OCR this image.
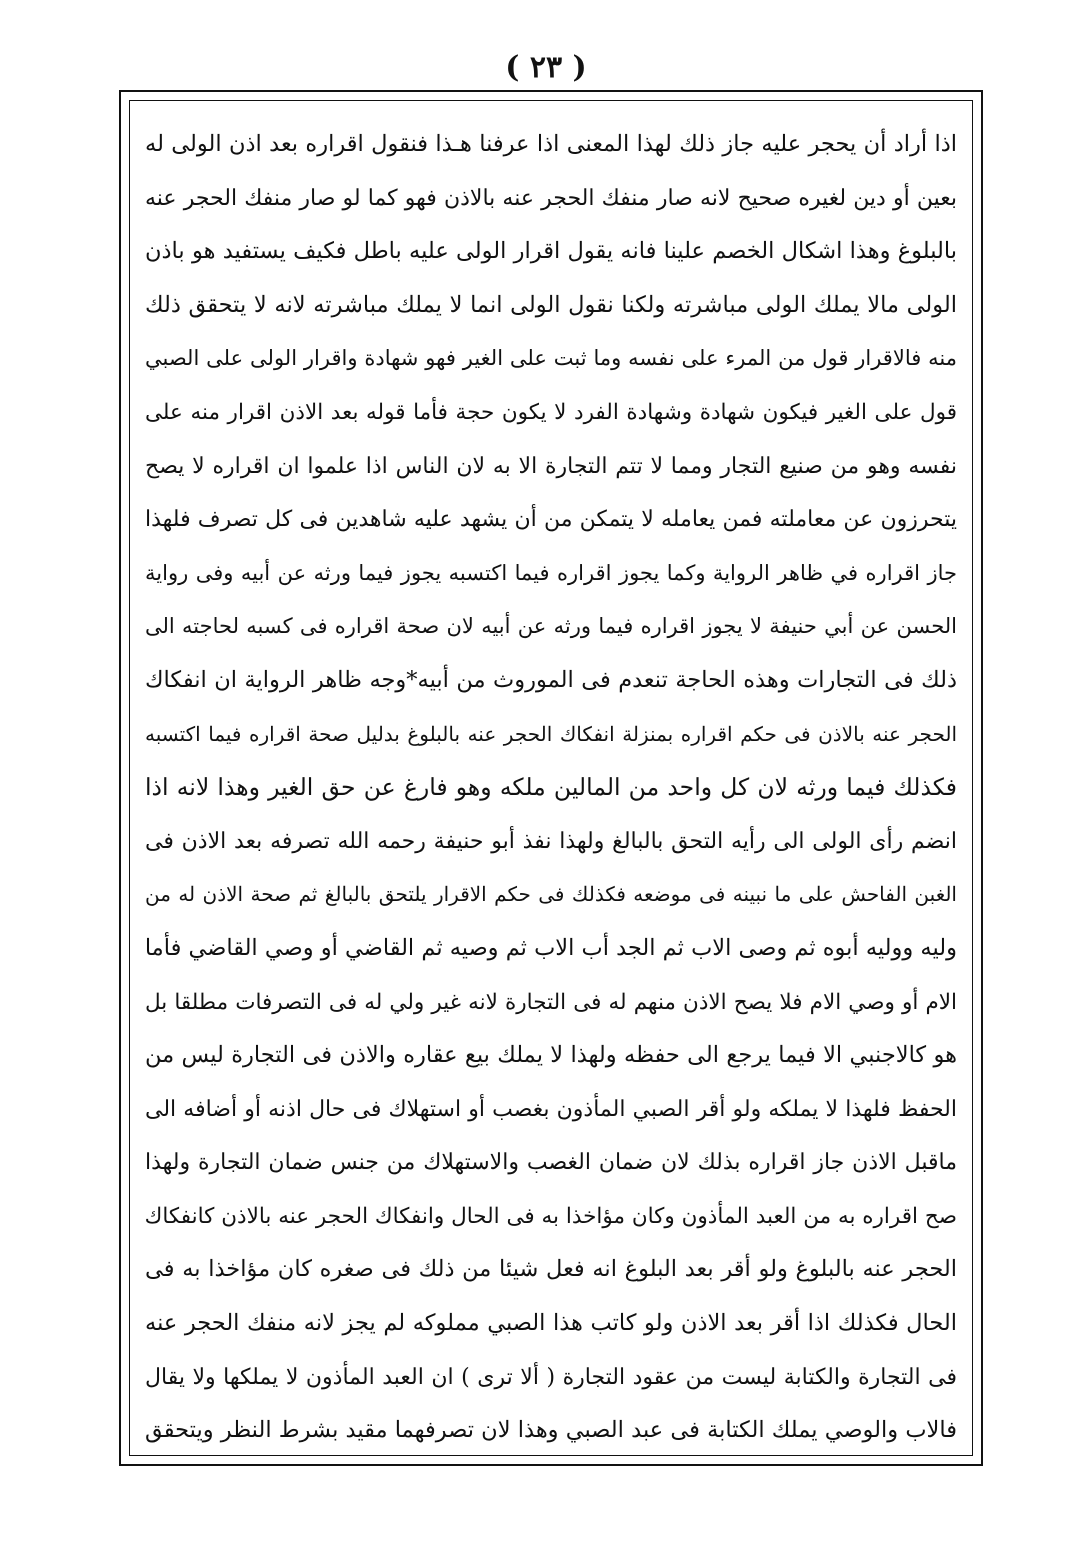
( ٢٣ )
اذا أراد أن يحجر عليه جاز ذلك لهذا المعنى اذا عرفنا هـذا فنقول اقراره بعد اذن الولى له
بعين أو دين لغيره صحيح لانه صار منفك الحجر عنه بالاذن فهو كما لو صار منفك الحجر عنه
بالبلوغ وهذا اشكال الخصم علينا فانه يقول اقرار الولى عليه باطل فكيف يستفيد هو باذن
الولى مالا يملك الولى مباشرته ولكنا نقول الولى انما لا يملك مباشرته لانه لا يتحقق ذلك
منه فالاقرار قول من المرء على نفسه وما ثبت على الغير فهو شهادة واقرار الولى على الصبي
قول على الغير فيكون شهادة وشهادة الفرد لا يكون حجة فأما قوله بعد الاذن اقرار منه على
نفسه وهو من صنيع التجار ومما لا تتم التجارة الا به لان الناس اذا علموا ان اقراره لا يصح
يتحرزون عن معاملته فمن يعامله لا يتمكن من أن يشهد عليه شاهدين فى كل تصرف فلهذا
جاز اقراره في ظاهر الرواية وكما يجوز اقراره فيما اكتسبه يجوز فيما ورثه عن أبيه وفى رواية
الحسن عن أبي حنيفة لا يجوز اقراره فيما ورثه عن أبيه لان صحة اقراره فى كسبه لحاجته الى
ذلك فى التجارات وهذه الحاجة تنعدم فى الموروث من أبيه*وجه ظاهر الرواية ان انفكاك
الحجر عنه بالاذن فى حكم اقراره بمنزلة انفكاك الحجر عنه بالبلوغ بدليل صحة اقراره فيما اكتسبه
فكذلك فيما ورثه لان كل واحد من المالين ملكه وهو فارغ عن حق الغير وهذا لانه اذا
انضم رأى الولى الى رأيه التحق بالبالغ ولهذا نفذ أبو حنيفة رحمه الله تصرفه بعد الاذن فى
الغبن الفاحش على ما نبينه فى موضعه فكذلك فى حكم الاقرار يلتحق بالبالغ ثم صحة الاذن له من
وليه ووليه أبوه ثم وصى الاب ثم الجد أب الاب ثم وصيه ثم القاضي أو وصي القاضي فأما
الام أو وصي الام فلا يصح الاذن منهم له فى التجارة لانه غير ولي له فى التصرفات مطلقا بل
هو كالاجنبي الا فيما يرجع الى حفظه ولهذا لا يملك بيع عقاره والاذن فى التجارة ليس من
الحفظ فلهذا لا يملكه ولو أقر الصبي المأذون بغصب أو استهلاك فى حال اذنه أو أضافه الى
ماقبل الاذن جاز اقراره بذلك لان ضمان الغصب والاستهلاك من جنس ضمان التجارة ولهذا
صح اقراره به من العبد المأذون وكان مؤاخذا به فى الحال وانفكاك الحجر عنه بالاذن كانفكاك
الحجر عنه بالبلوغ ولو أقر بعد البلوغ انه فعل شيئا من ذلك فى صغره كان مؤاخذا به فى
الحال فكذلك اذا أقر بعد الاذن ولو كاتب هذا الصبي مملوكه لم يجز لانه منفك الحجر عنه
فى التجارة والكتابة ليست من عقود التجارة ( ألا ترى ) ان العبد المأذون لا يملكها ولا يقال
فالاب والوصي يملك الكتابة فى عبد الصبي وهذا لان تصرفهما مقيد بشرط النظر ويتحقق
